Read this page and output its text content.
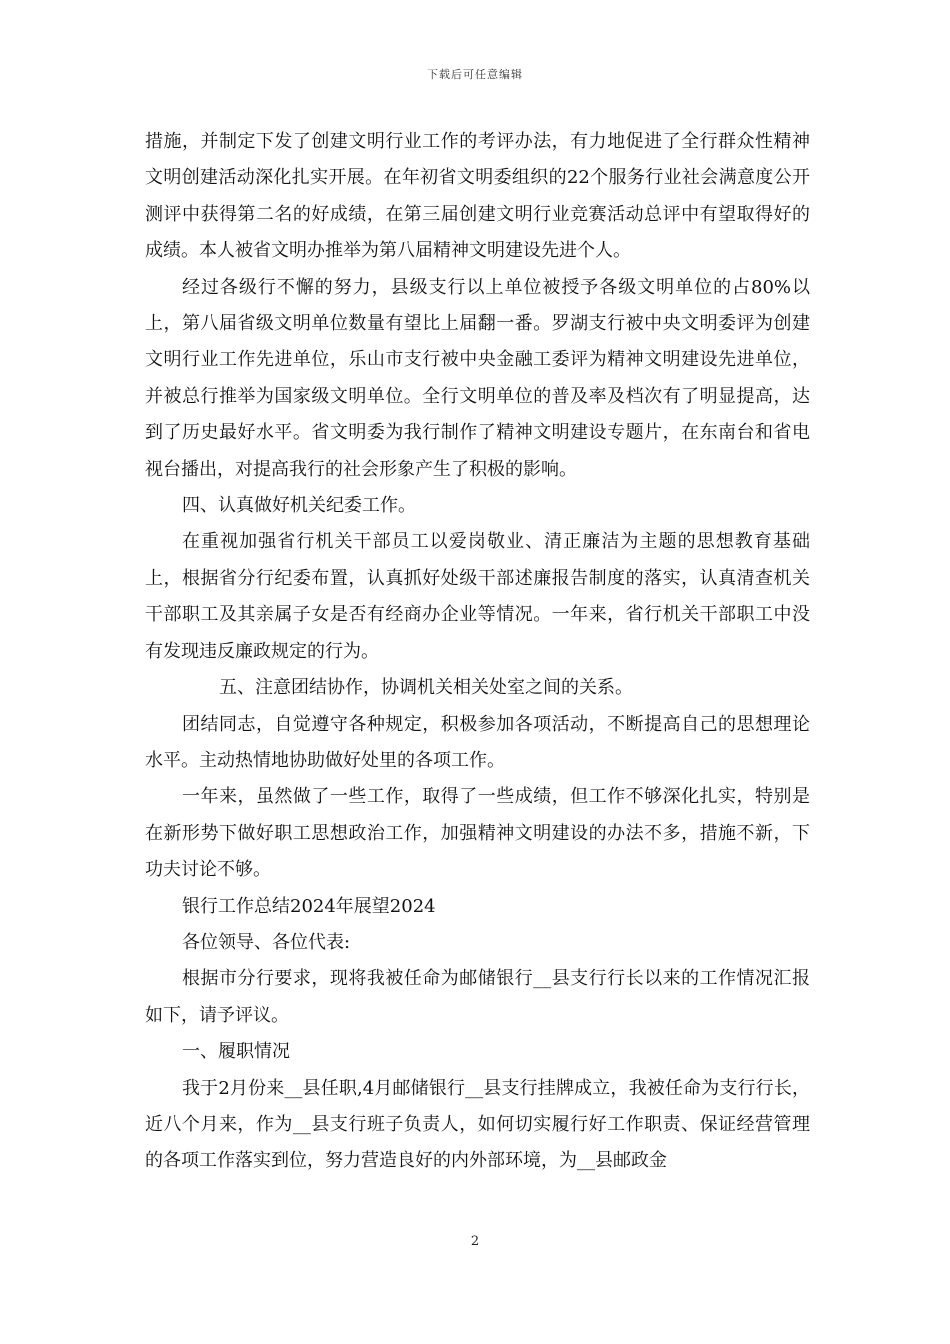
下载后可任意编辑

措施，并制定下发了创建文明行业工作的考评办法，有力地促进了全行群众性精神文明创建活动深化扎实开展。在年初省文明委组织的22个服务行业社会满意度公开测评中获得第二名的好成绩，在第三届创建文明行业竞赛活动总评中有望取得好的成绩。本人被省文明办推举为第八届精神文明建设先进个人。

经过各级行不懈的努力，县级支行以上单位被授予各级文明单位的占80%以上，第八届省级文明单位数量有望比上届翻一番。罗湖支行被中央文明委评为创建文明行业工作先进单位，乐山市支行被中央金融工委评为精神文明建设先进单位，并被总行推举为国家级文明单位。全行文明单位的普及率及档次有了明显提高，达到了历史最好水平。省文明委为我行制作了精神文明建设专题片，在东南台和省电视台播出，对提高我行的社会形象产生了积极的影响。

四、认真做好机关纪委工作。

在重视加强省行机关干部员工以爱岗敬业、清正廉洁为主题的思想教育基础上，根据省分行纪委布置，认真抓好处级干部述廉报告制度的落实，认真清查机关干部职工及其亲属子女是否有经商办企业等情况。一年来，省行机关干部职工中没有发现违反廉政规定的行为。

五、注意团结协作，协调机关相关处室之间的关系。

团结同志，自觉遵守各种规定，积极参加各项活动，不断提高自己的思想理论水平。主动热情地协助做好处里的各项工作。

一年来，虽然做了一些工作，取得了一些成绩，但工作不够深化扎实，特别是在新形势下做好职工思想政治工作，加强精神文明建设的办法不多，措施不新，下功夫讨论不够。

银行工作总结2024年展望2024

各位领导、各位代表:

根据市分行要求，现将我被任命为邮储银行__县支行行长以来的工作情况汇报如下，请予评议。

一、履职情况

我于2月份来__县任职,4月邮储银行__县支行挂牌成立，我被任命为支行行长，近八个月来，作为__县支行班子负责人，如何切实履行好工作职责、保证经营管理的各项工作落实到位，努力营造良好的内外部环境，为__县邮政金

2
